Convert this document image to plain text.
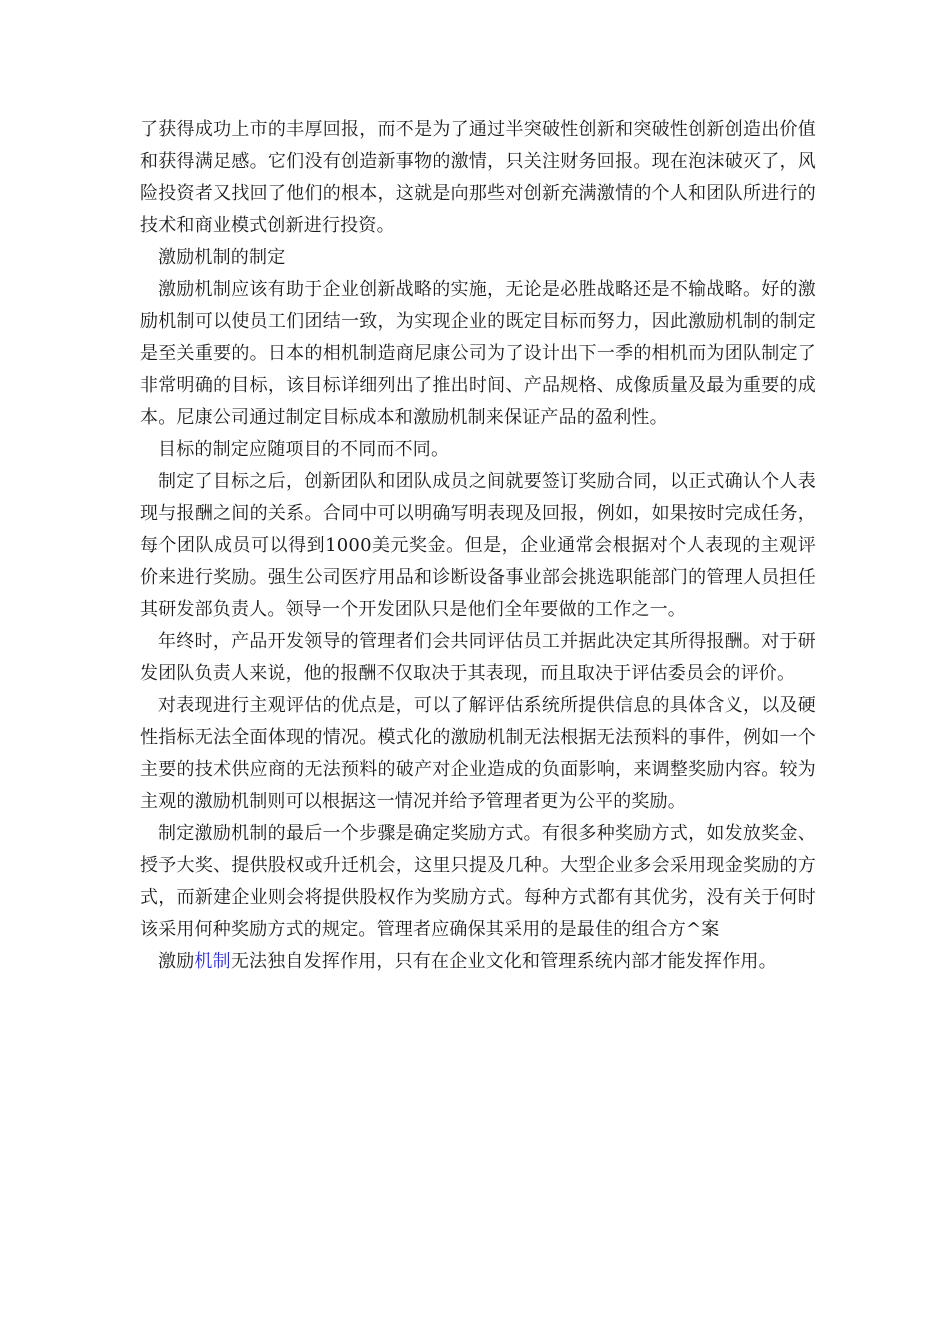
了获得成功上市的丰厚回报，而不是为了通过半突破性创新和突破性创新创造出价值和获得满足感。它们没有创造新事物的激情，只关注财务回报。现在泡沫破灭了，风险投资者又找回了他们的根本，这就是向那些对创新充满激情的个人和团队所进行的技术和商业模式创新进行投资。

激励机制的制定

激励机制应该有助于企业创新战略的实施，无论是必胜战略还是不输战略。好的激励机制可以使员工们团结一致，为实现企业的既定目标而努力，因此激励机制的制定是至关重要的。日本的相机制造商尼康公司为了设计出下一季的相机而为团队制定了非常明确的目标，该目标详细列出了推出时间、产品规格、成像质量及最为重要的成本。尼康公司通过制定目标成本和激励机制来保证产品的盈利性。

目标的制定应随项目的不同而不同。

制定了目标之后，创新团队和团队成员之间就要签订奖励合同，以正式确认个人表现与报酬之间的关系。合同中可以明确写明表现及回报，例如，如果按时完成任务，每个团队成员可以得到1000美元奖金。但是，企业通常会根据对个人表现的主观评价来进行奖励。强生公司医疗用品和诊断设备事业部会挑选职能部门的管理人员担任其研发部负责人。领导一个开发团队只是他们全年要做的工作之一。

年终时，产品开发领导的管理者们会共同评估员工并据此决定其所得报酬。对于研发团队负责人来说，他的报酬不仅取决于其表现，而且取决于评估委员会的评价。

对表现进行主观评估的优点是，可以了解评估系统所提供信息的具体含义，以及硬性指标无法全面体现的情况。模式化的激励机制无法根据无法预料的事件，例如一个主要的技术供应商的无法预料的破产对企业造成的负面影响，来调整奖励内容。较为主观的激励机制则可以根据这一情况并给予管理者更为公平的奖励。

制定激励机制的最后一个步骤是确定奖励方式。有很多种奖励方式，如发放奖金、授予大奖、提供股权或升迁机会，这里只提及几种。大型企业多会采用现金奖励的方式，而新建企业则会将提供股权作为奖励方式。每种方式都有其优劣，没有关于何时该采用何种奖励方式的规定。管理者应确保其采用的是最佳的组合方^案

激励机制无法独自发挥作用，只有在企业文化和管理系统内部才能发挥作用。
